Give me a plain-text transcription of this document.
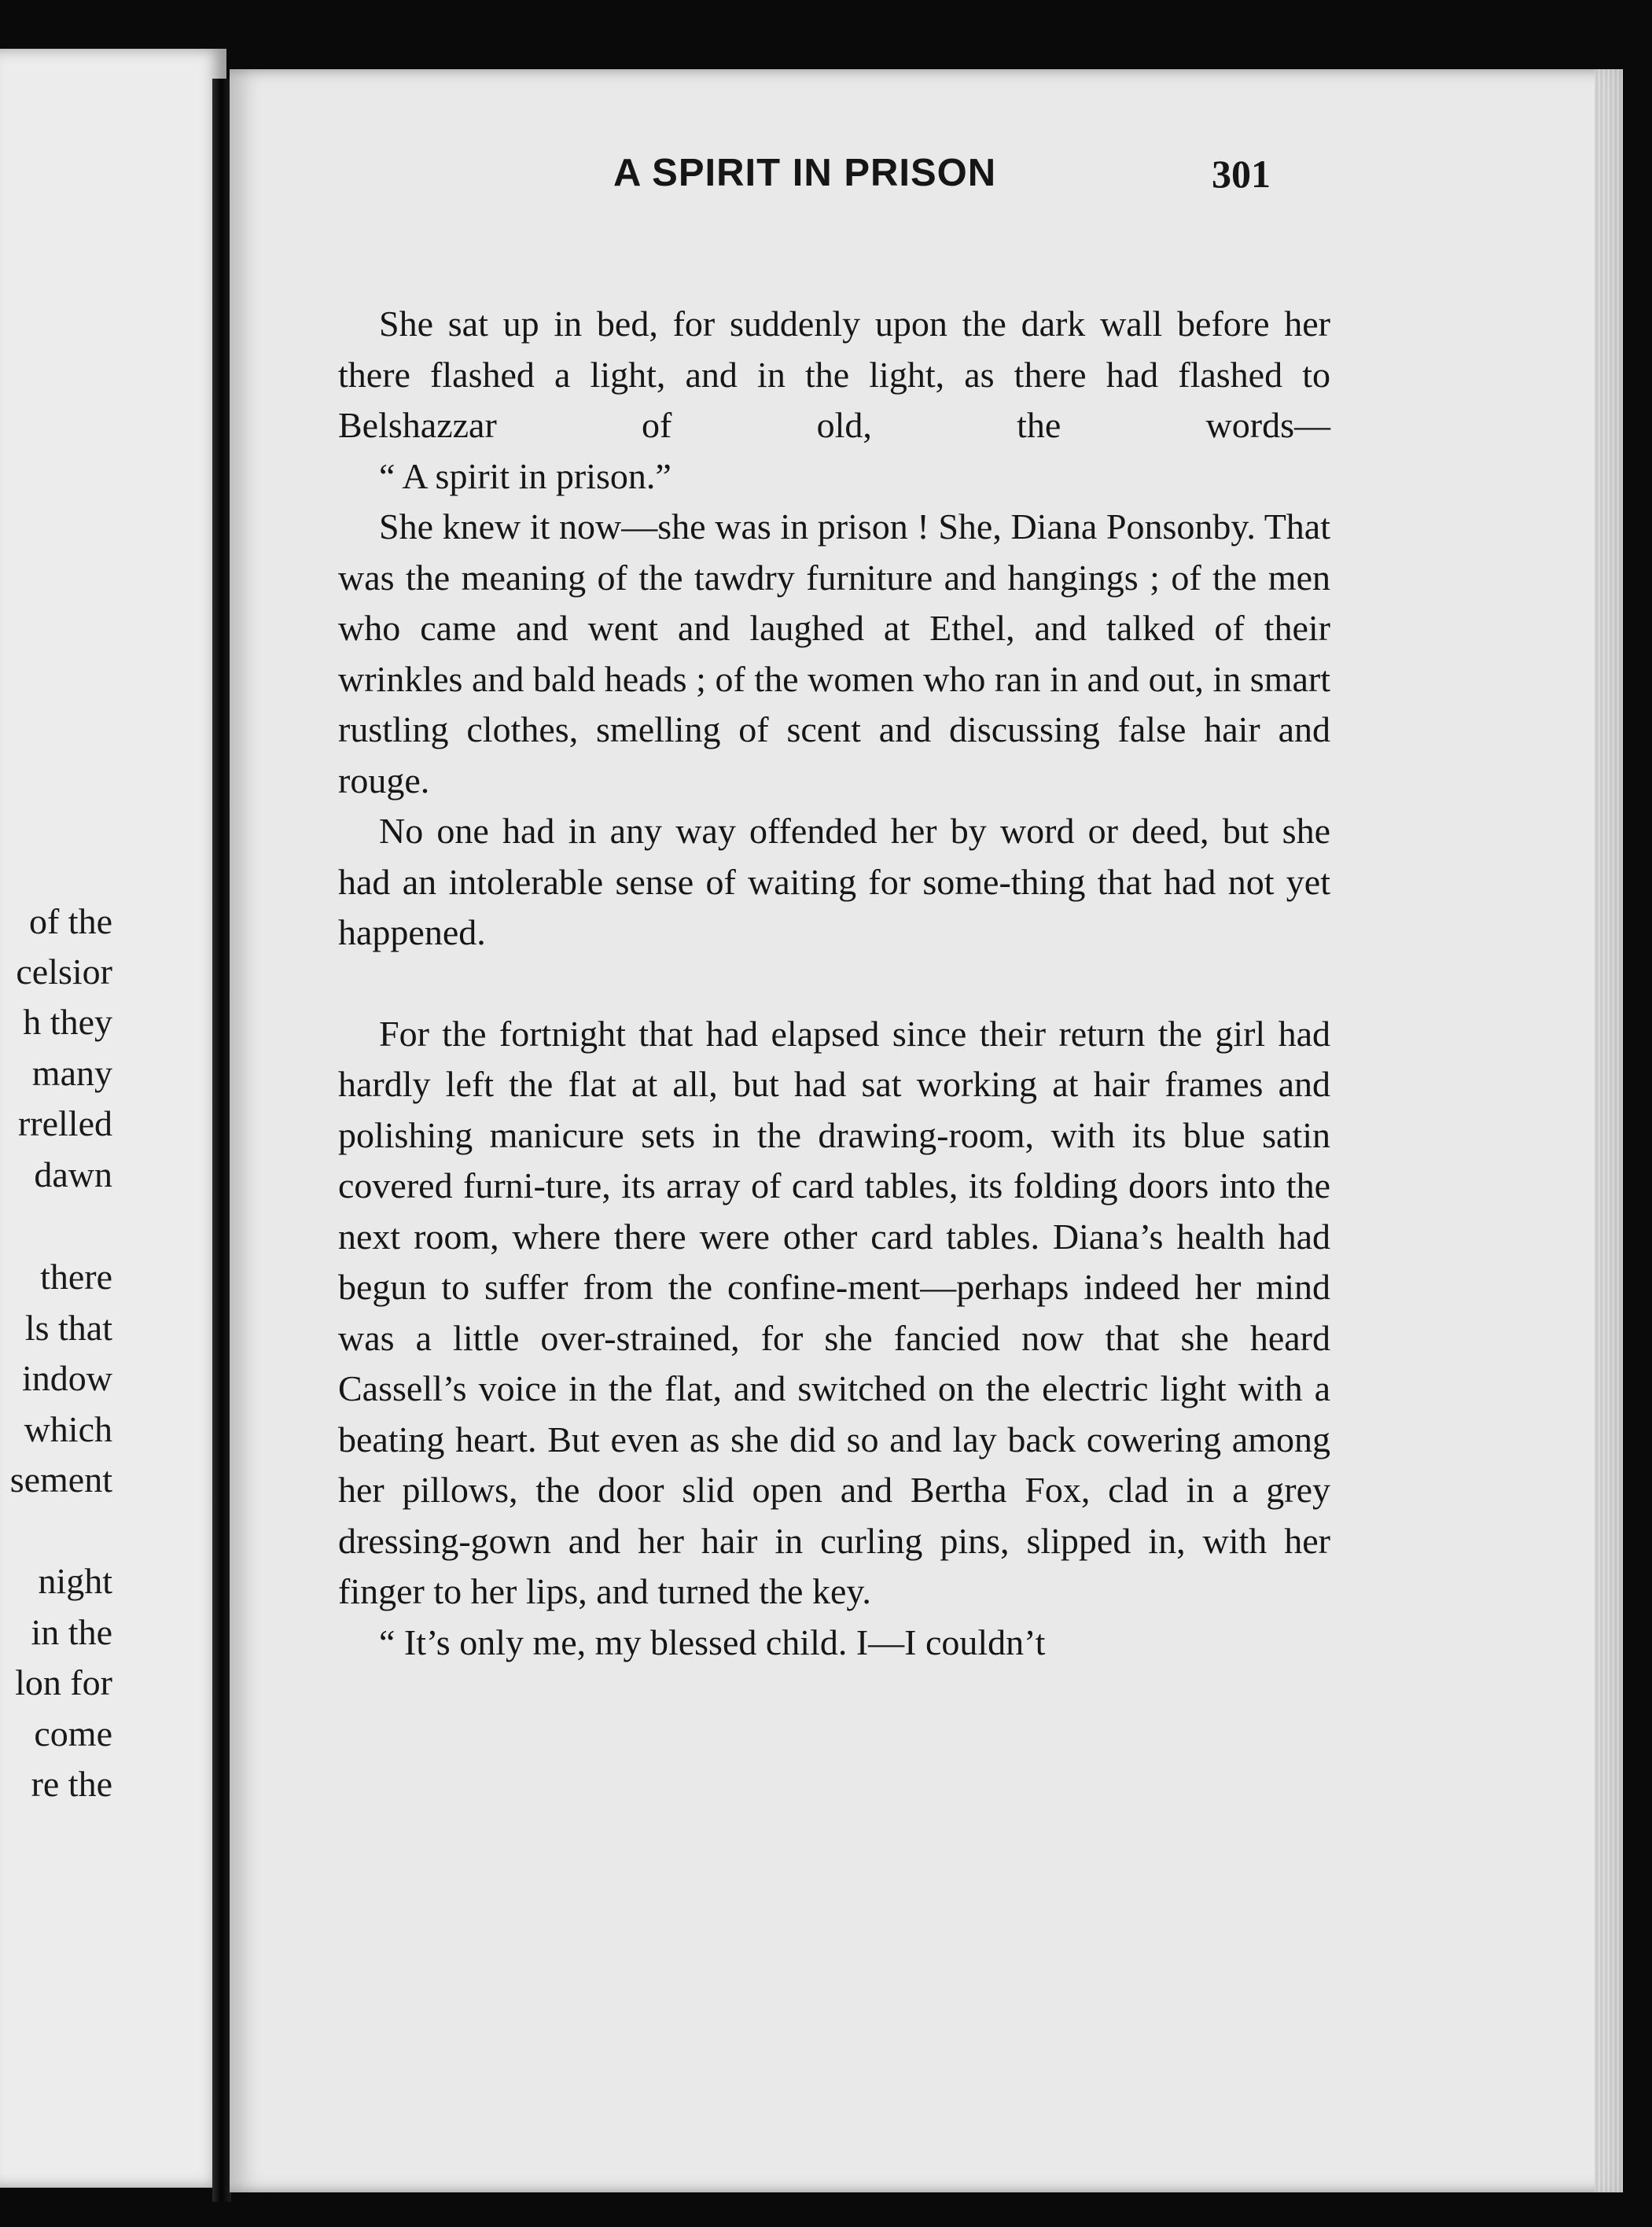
of the
celsior
h they
many
rrelled
dawn
there
ls that
indow
which
sement
night
in the
lon for
come
re the
A SPIRIT IN PRISON	301

She sat up in bed, for suddenly upon the dark wall before her there flashed a light, and in the light, as there had flashed to Belshazzar of old, the words—

“ A spirit in prison.”

She knew it now—she was in prison ! She, Diana Ponsonby. That was the meaning of the tawdry furniture and hangings ; of the men who came and went and laughed at Ethel, and talked of their wrinkles and bald heads ; of the women who ran in and out, in smart rustling clothes, smelling of scent and discussing false hair and rouge.

No one had in any way offended her by word or deed, but she had an intolerable sense of waiting for some-thing that had not yet happened.

For the fortnight that had elapsed since their return the girl had hardly left the flat at all, but had sat working at hair frames and polishing manicure sets in the drawing-room, with its blue satin covered furni-ture, its array of card tables, its folding doors into the next room, where there were other card tables. Diana’s health had begun to suffer from the confine-ment—perhaps indeed her mind was a little over-strained, for she fancied now that she heard Cassell’s voice in the flat, and switched on the electric light with a beating heart. But even as she did so and lay back cowering among her pillows, the door slid open and Bertha Fox, clad in a grey dressing-gown and her hair in curling pins, slipped in, with her finger to her lips, and turned the key.

“ It’s only me, my blessed child. I—I couldn’t
